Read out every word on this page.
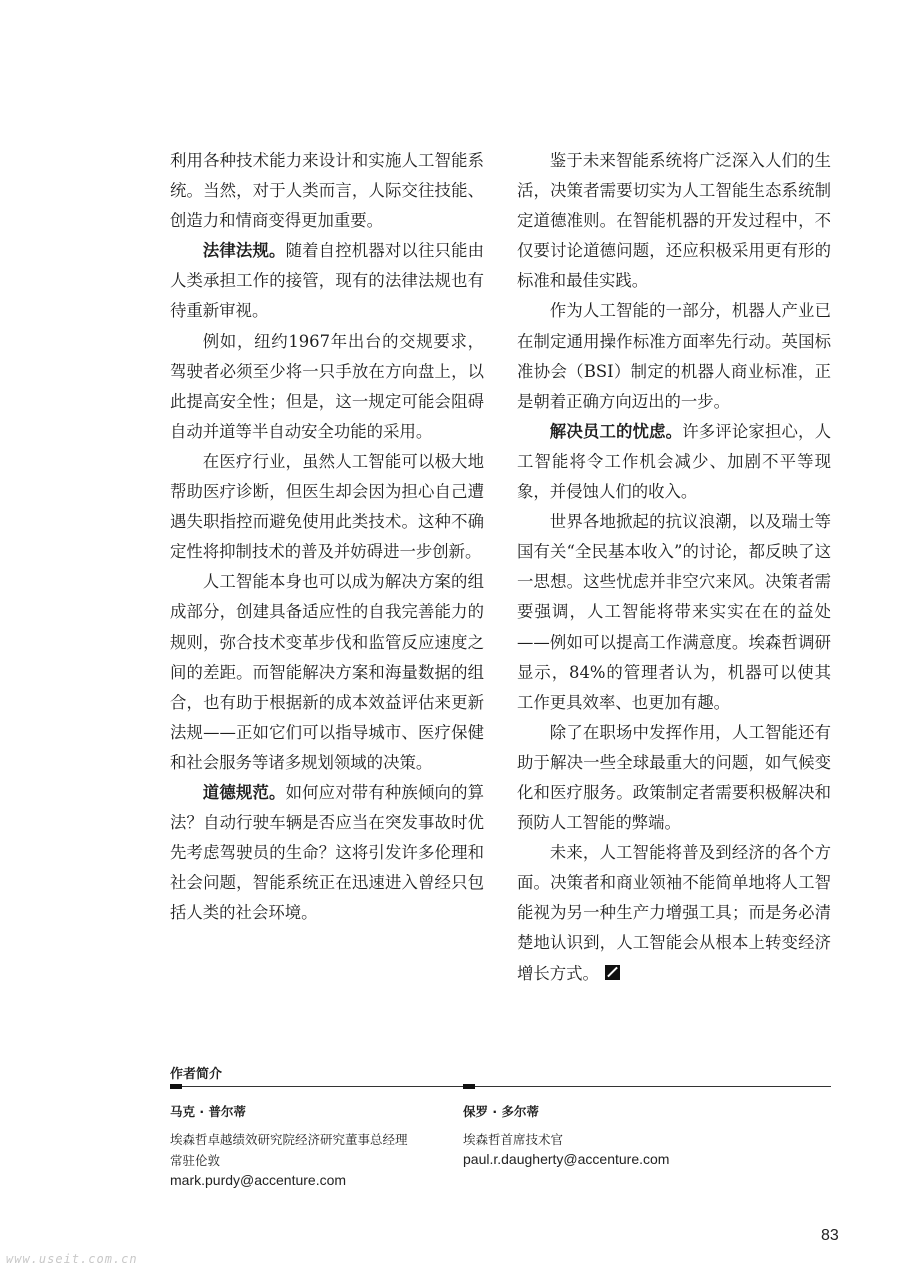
利用各种技术能力来设计和实施人工智能系统。当然，对于人类而言，人际交往技能、创造力和情商变得更加重要。

法律法规。随着自控机器对以往只能由人类承担工作的接管，现有的法律法规也有待重新审视。

例如，纽约1967年出台的交规要求，驾驶者必须至少将一只手放在方向盘上，以此提高安全性；但是，这一规定可能会阻碍自动并道等半自动安全功能的采用。

在医疗行业，虽然人工智能可以极大地帮助医疗诊断，但医生却会因为担心自己遭遇失职指控而避免使用此类技术。这种不确定性将抑制技术的普及并妨碍进一步创新。

人工智能本身也可以成为解决方案的组成部分，创建具备适应性的自我完善能力的规则，弥合技术变革步伐和监管反应速度之间的差距。而智能解决方案和海量数据的组合，也有助于根据新的成本效益评估来更新法规——正如它们可以指导城市、医疗保健和社会服务等诸多规划领域的决策。

道德规范。如何应对带有种族倾向的算法？自动行驶车辆是否应当在突发事故时优先考虑驾驶员的生命？这将引发许多伦理和社会问题，智能系统正在迅速进入曾经只包括人类的社会环境。

鉴于未来智能系统将广泛深入人们的生活，决策者需要切实为人工智能生态系统制定道德准则。在智能机器的开发过程中，不仅要讨论道德问题，还应积极采用更有形的标准和最佳实践。

作为人工智能的一部分，机器人产业已在制定通用操作标准方面率先行动。英国标准协会（BSI）制定的机器人商业标准，正是朝着正确方向迈出的一步。

解决员工的忧虑。许多评论家担心，人工智能将令工作机会减少、加剧不平等现象，并侵蚀人们的收入。

世界各地掀起的抗议浪潮，以及瑞士等国有关“全民基本收入”的讨论，都反映了这一思想。这些忧虑并非空穴来风。决策者需要强调，人工智能将带来实实在在的益处——例如可以提高工作满意度。埃森哲调研显示，84%的管理者认为，机器可以使其工作更具效率、也更加有趣。

除了在职场中发挥作用，人工智能还有助于解决一些全球最重大的问题，如气候变化和医疗服务。政策制定者需要积极解决和预防人工智能的弊端。

未来，人工智能将普及到经济的各个方面。决策者和商业领袖不能简单地将人工智能视为另一种生产力增强工具；而是务必清楚地认识到，人工智能会从根本上转变经济增长方式。

作者简介
马克 · 普尔蒂
埃森哲卓越绩效研究院经济研究董事总经理
常驻伦敦
mark.purdy@accenture.com
保罗 · 多尔蒂
埃森哲首席技术官
paul.r.daugherty@accenture.com
83
www.useit.com.cn
